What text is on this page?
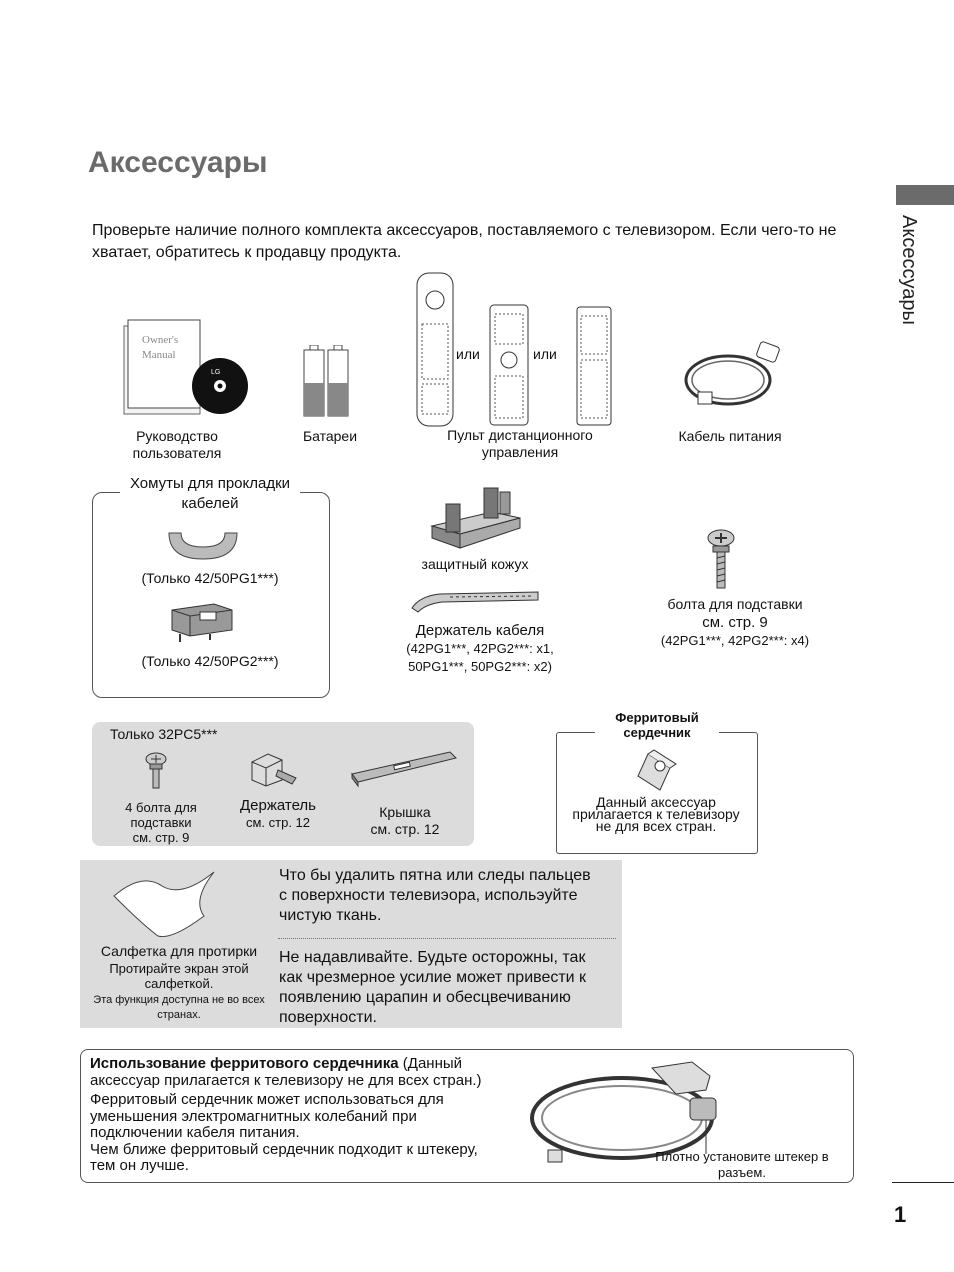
Аксессуары
Аксессуары
Проверьте наличие полного комплекта аксессуаров, поставляемого с телевизором. Если чего-то не хватает, обратитесь к продавцу продукта.
Owner's
Manual
LG
Руководство пользователя
Батареи
или	или
Пульт дистанционного управления
Кабель питания
Хомуты для прокладки кабелей
(Только 42/50PG1***)
(Только 42/50PG2***)
защитный кожух
Держатель кабеля
(42PG1***, 42PG2***: x1,
50PG1***, 50PG2***: x2)
болта для подставки
см. стр. 9
(42PG1***, 42PG2***: x4)
Только 32PC5***
4 болта для
подставки
см. стр. 9
Держатель
см. стр. 12
Крышка
см. стр. 12
Ферритовый
сердечник
Данный аксессуар прилагается к телевизору не для всех стран.
Салфетка для протирки
Протирайте экран этой салфеткой.
Эта функция доступна не во всех странах.
Что бы удалить пятна или следы пальцев с поверхности телевиэора, испольэуйте чистую ткань.
Не надавливайте. Будьте осторожны, так как чрезмерное усилие может привести к появлению царапин и обесцвечиванию поверхности.
Использование ферритового сердечника (Данный аксессуар прилагается к телевизору не для всех стран.)
Ферритовый сердечник может использоваться для уменьшения электромагнитных колебаний при подключении кабеля питания.
Чем ближе ферритовый сердечник подходит к штекеру, тем он лучше.
Плотно установите штекер в разъем.
1
